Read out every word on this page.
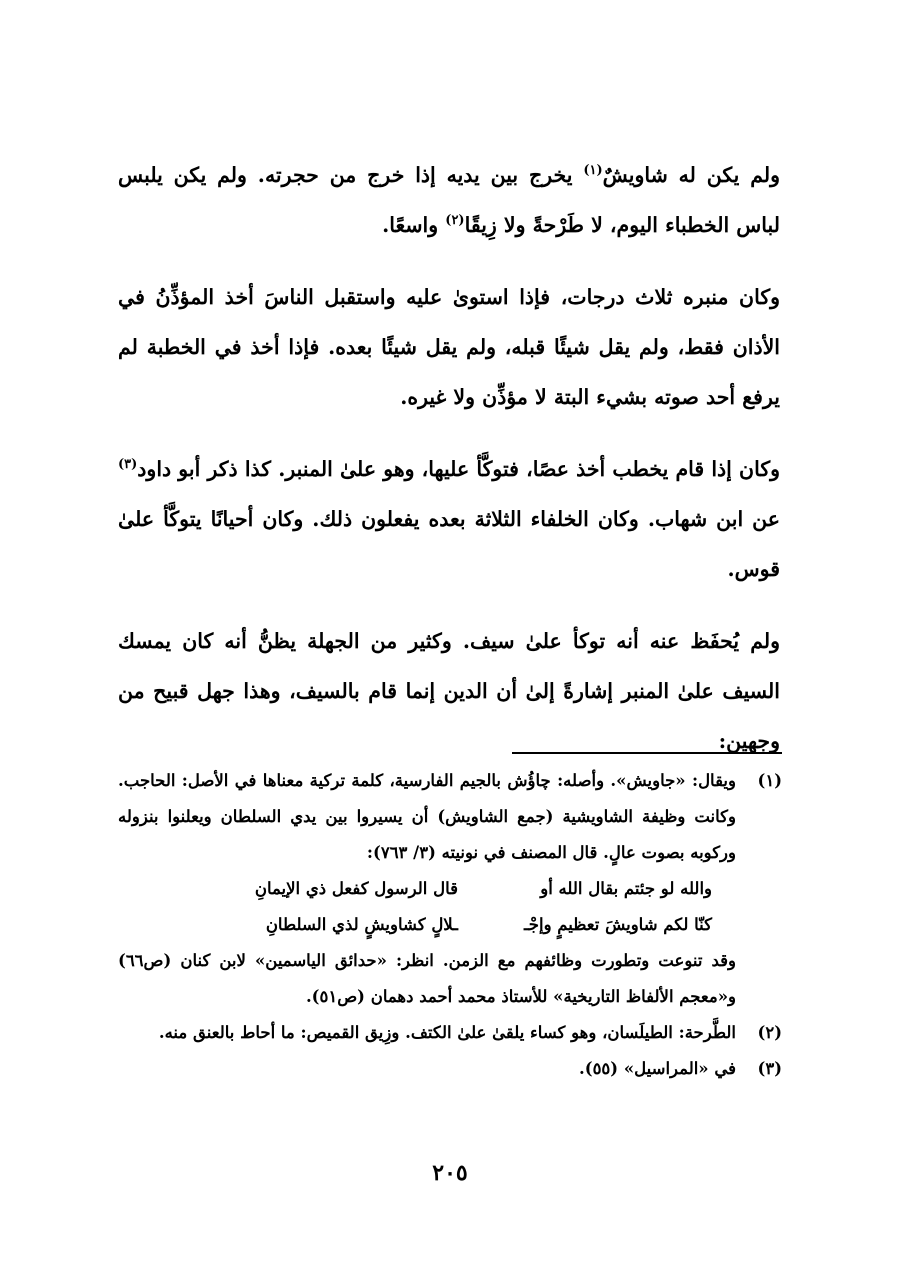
ولم يكن له شاويشٌ$^{(١)}$ يخرج بين يديه إذا خرج من حجرته. ولم يكن يلبس لباس الخطباء اليوم، لا طَرْحةً ولا زِيقًا$^{(٢)}$ واسعًا.

وكان منبره ثلاث درجات، فإذا استوىٰ عليه واستقبل الناسَ أخذ المؤذِّنُ في الأذان فقط، ولم يقل شيئًا قبله، ولم يقل شيئًا بعده. فإذا أخذ في الخطبة لم يرفع أحد صوته بشيء البتة لا مؤذِّن ولا غيره.

وكان إذا قام يخطب أخذ عصًا، فتوكَّأ عليها، وهو علىٰ المنبر. كذا ذكر أبو داود$^{(٣)}$ عن ابن شهاب. وكان الخلفاء الثلاثة بعده يفعلون ذلك. وكان أحيانًا يتوكَّأ علىٰ قوس.

ولم يُحفَظ عنه أنه توكأ علىٰ سيف. وكثير من الجهلة يظنُّ أنه كان يمسك السيف علىٰ المنبر إشارةً إلىٰ أن الدين إنما قام بالسيف، وهذا جهل قبيح من وجهين:

(١)
ويقال: «جاويش». وأصله: چاؤُش بالجيم الفارسية، كلمة تركية معناها في الأصل: الحاجب. وكانت وظيفة الشاويشية (جمع الشاويش) أن يسيروا بين يدي السلطان ويعلنوا بنزوله وركوبه بصوت عالٍ. قال المصنف في نونيته (٣/ ٧٦٣):
والله لو جئتم بقال الله أو
قال الرسول كفعل ذي الإيمانِ
كنّا لكم شاويشَ تعظيمٍ وإجْـ
ـلالٍ كشاويشٍ لذي السلطانِ
وقد تنوعت وتطورت وظائفهم مع الزمن. انظر: «حدائق الياسمين» لابن كنان (ص٦٦) و«معجم الألفاظ التاريخية» للأستاذ محمد أحمد دهمان (ص٥١).
(٢)
الطَّرحة: الطيلَسان، وهو كساء يلقىٰ علىٰ الكتف. وزِيق القميص: ما أحاط بالعنق منه.
(٣)
في «المراسيل» (٥٥).
٢٠٥
